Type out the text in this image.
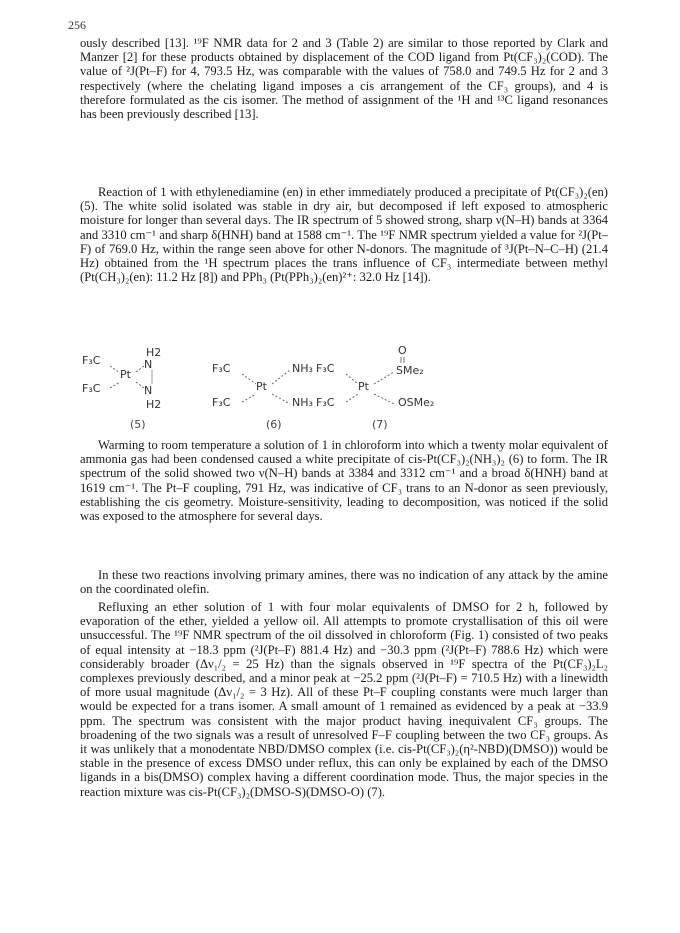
256

ously described [13]. ¹⁹F NMR data for 2 and 3 (Table 2) are similar to those reported by Clark and Manzer [2] for these products obtained by displacement of the COD ligand from Pt(CF₃)₂(COD). The value of ²J(Pt–F) for 4, 793.5 Hz, was comparable with the values of 758.0 and 749.5 Hz for 2 and 3 respectively (where the chelating ligand imposes a cis arrangement of the CF₃ groups), and 4 is therefore formulated as the cis isomer. The method of assignment of the ¹H and ¹³C ligand resonances has been previously described [13].

Reaction of 1 with ethylenediamine (en) in ether immediately produced a precipitate of Pt(CF₃)₂(en) (5). The white solid isolated was stable in dry air, but decomposed if left exposed to atmospheric moisture for longer than several days. The IR spectrum of 5 showed strong, sharp ν(N–H) bands at 3364 and 3310 cm⁻¹ and sharp δ(HNH) band at 1588 cm⁻¹. The ¹⁹F NMR spectrum yielded a value for ²J(Pt–F) of 769.0 Hz, within the range seen above for other N-donors. The magnitude of ³J(Pt–N–C–H) (21.4 Hz) obtained from the ¹H spectrum places the trans influence of CF₃ intermediate between methyl (Pt(CH₃)₂(en): 11.2 Hz [8]) and PPh₃ (Pt(PPh₃)₂(en)²⁺: 32.0 Hz [14]).

F₃C
F₃C
Pt
H2
N
N
H2
(5)
F₃C
F₃C
Pt
NH₃
NH₃
(6)
F₃C
F₃C
Pt
O
SMe₂
OSMe₂
(7)

Warming to room temperature a solution of 1 in chloroform into which a twenty molar equivalent of ammonia gas had been condensed caused a white precipitate of cis-Pt(CF₃)₂(NH₃)₂ (6) to form. The IR spectrum of the solid showed two ν(N–H) bands at 3384 and 3312 cm⁻¹ and a broad δ(HNH) band at 1619 cm⁻¹. The Pt–F coupling, 791 Hz, was indicative of CF₃ trans to an N-donor as seen previously, establishing the cis geometry. Moisture-sensitivity, leading to decomposition, was noticed if the solid was exposed to the atmosphere for several days.

In these two reactions involving primary amines, there was no indication of any attack by the amine on the coordinated olefin.

Refluxing an ether solution of 1 with four molar equivalents of DMSO for 2 h, followed by evaporation of the ether, yielded a yellow oil. All attempts to promote crystallisation of this oil were unsuccessful. The ¹⁹F NMR spectrum of the oil dissolved in chloroform (Fig. 1) consisted of two peaks of equal intensity at −18.3 ppm (²J(Pt–F) 881.4 Hz) and −30.3 ppm (²J(Pt–F) 788.6 Hz) which were considerably broader (Δν₁/₂ = 25 Hz) than the signals observed in ¹⁹F spectra of the Pt(CF₃)₂L₂ complexes previously described, and a minor peak at −25.2 ppm (²J(Pt–F) = 710.5 Hz) with a linewidth of more usual magnitude (Δν₁/₂ = 3 Hz). All of these Pt–F coupling constants were much larger than would be expected for a trans isomer. A small amount of 1 remained as evidenced by a peak at −33.9 ppm. The spectrum was consistent with the major product having inequivalent CF₃ groups. The broadening of the two signals was a result of unresolved F–F coupling between the two CF₃ groups. As it was unlikely that a monodentate NBD/DMSO complex (i.e. cis-Pt(CF₃)₂(η²-NBD)(DMSO)) would be stable in the presence of excess DMSO under reflux, this can only be explained by each of the DMSO ligands in a bis(DMSO) complex having a different coordination mode. Thus, the major species in the reaction mixture was cis-Pt(CF₃)₂(DMSO-S)(DMSO-O) (7).
